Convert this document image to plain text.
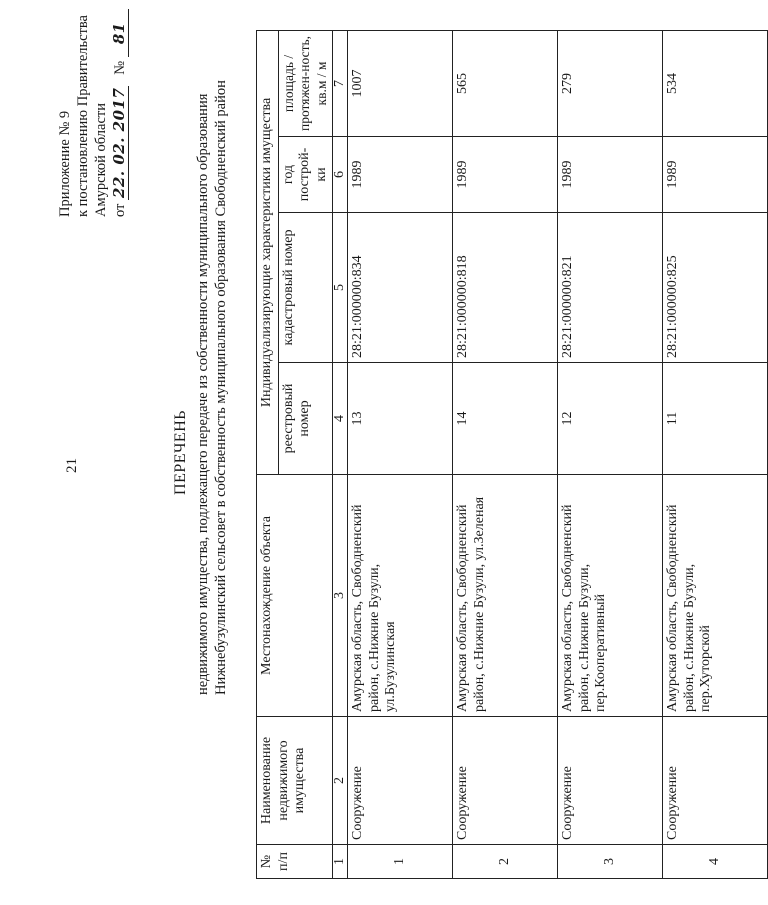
21
Приложение № 9 к постановлению Правительства Амурской области от 22. 02. 2017   № 81
ПЕРЕЧЕНЬ недвижимого имущества, подлежащего передаче из собственности муниципального образования Нижнебузулинский сельсовет в собственность муниципального образования Свободненский район
№ п/п	Наименование недвижимого имущества	Местонахождение объекта	Индивидуализирующие характеристики имущества			
			реестровый номер	кадастровый номер	год построй-ки	площадь / протяжен-ность, кв.м / м
1	2	3	4	5	6	7
1	Сооружение	Амурская область, Свободненский район, с.Нижние Бузули, ул.Бузулинская	13	28:21:000000:834	1989	1007
2	Сооружение	Амурская область, Свободненский район, с.Нижние Бузули, ул.Зеленая	14	28:21:000000:818	1989	565
3	Сооружение	Амурская область, Свободненский район, с.Нижние Бузули, пер.Кооперативный	12	28:21:000000:821	1989	279
4	Сооружение	Амурская область, Свободненский район, с.Нижние Бузули, пер.Хуторской	11	28:21:000000:825	1989	534
